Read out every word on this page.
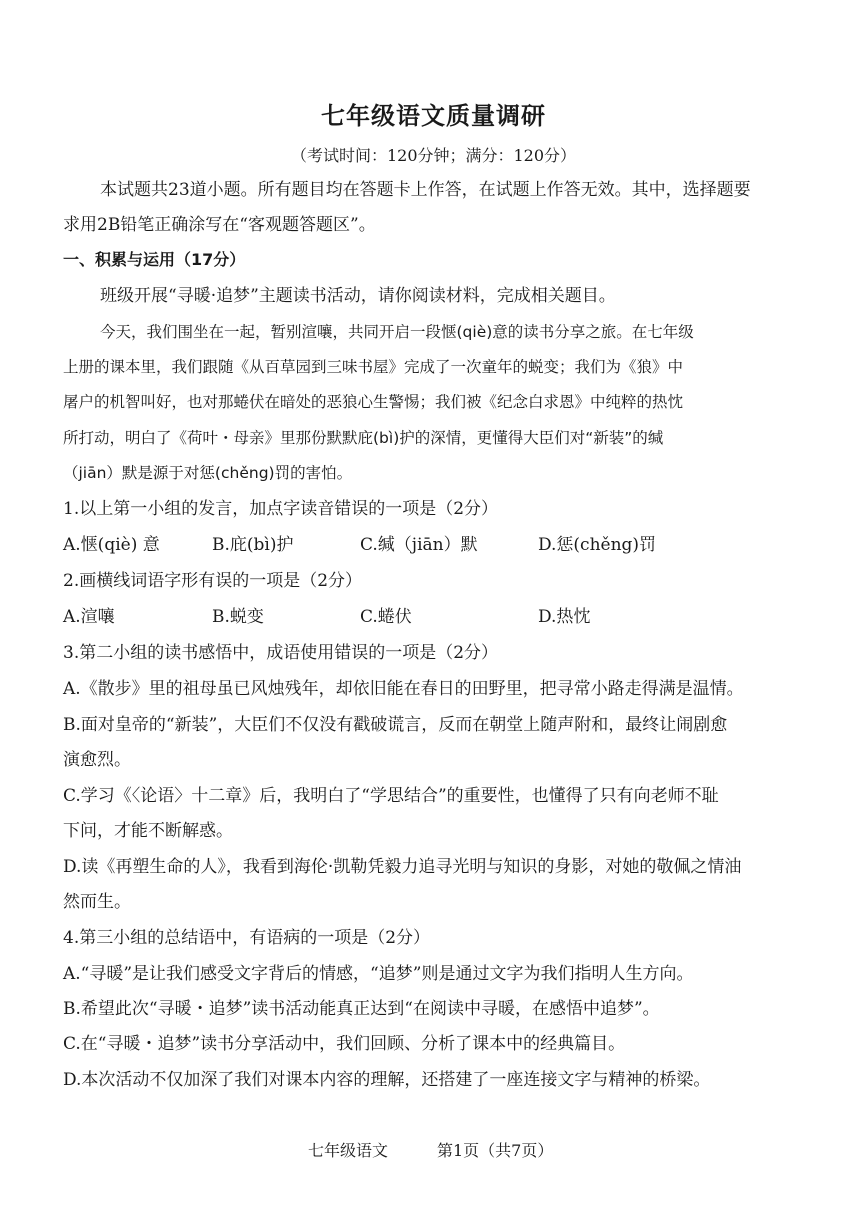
七年级语文质量调研
（考试时间：120分钟；满分：120分）
本试题共23道小题。所有题目均在答题卡上作答，在试题上作答无效。其中，选择题要
求用2B铅笔正确涂写在“客观题答题区”。
一、积累与运用（17分）
班级开展“寻暖·追梦”主题读书活动，请你阅读材料，完成相关题目。
今天，我们围坐在一起，暂别渲嚷，共同开启一段惬(qiè)意的读书分享之旅。在七年级
上册的课本里，我们跟随《从百草园到三味书屋》完成了一次童年的蜕变；我们为《狼》中
屠户的机智叫好，也对那蜷伏在暗处的恶狼心生警惕；我们被《纪念白求恩》中纯粹的热忱
所打动，明白了《荷叶・母亲》里那份默默庇(bì)护的深情，更懂得大臣们对“新装”的缄
（jiān）默是源于对惩(chěng)罚的害怕。
1.以上第一小组的发言，加点字读音错误的一项是（2分）
A.惬(qiè) 意	B.庇(bì)护	C.缄（jiān）默	D.惩(chěng)罚
2.画横线词语字形有误的一项是（2分）
A.渲嚷	B.蜕变	C.蜷伏	D.热忱
3.第二小组的读书感悟中，成语使用错误的一项是（2分）
A.《散步》里的祖母虽已风烛残年，却依旧能在春日的田野里，把寻常小路走得满是温情。
B.面对皇帝的“新装”，大臣们不仅没有戳破谎言，反而在朝堂上随声附和，最终让闹剧愈
演愈烈。
C.学习《〈论语〉十二章》后，我明白了“学思结合”的重要性，也懂得了只有向老师不耻
下问，才能不断解惑。
D.读《再塑生命的人》，我看到海伦·凯勒凭毅力追寻光明与知识的身影，对她的敬佩之情油
然而生。
4.第三小组的总结语中，有语病的一项是（2分）
A.“寻暖”是让我们感受文字背后的情感，“追梦”则是通过文字为我们指明人生方向。
B.希望此次“寻暖・追梦”读书活动能真正达到“在阅读中寻暖，在感悟中追梦”。
C.在“寻暖・追梦”读书分享活动中，我们回顾、分析了课本中的经典篇目。
D.本次活动不仅加深了我们对课本内容的理解，还搭建了一座连接文字与精神的桥梁。
七年级语文	第1页（共7页）
